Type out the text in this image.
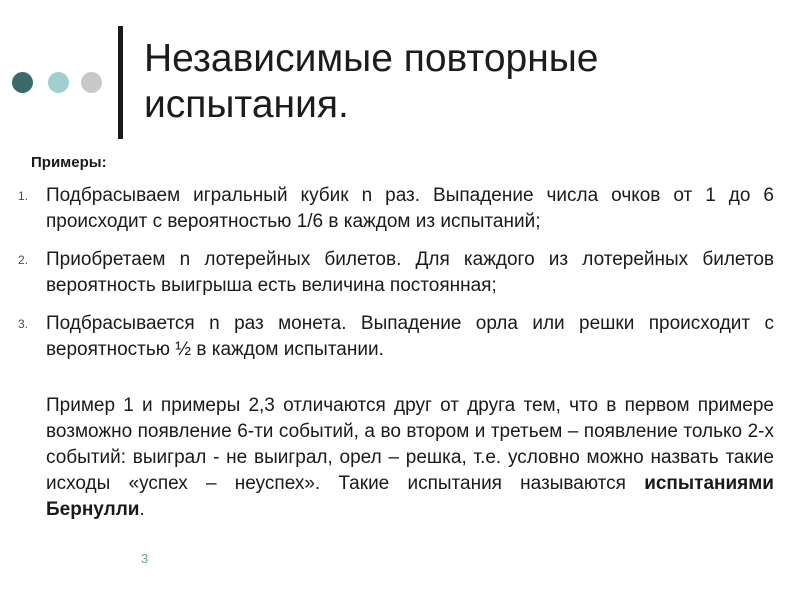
Независимые повторные испытания.
Примеры:
1. Подбрасываем игральный кубик n раз. Выпадение числа очков от 1 до 6 происходит с вероятностью 1/6 в каждом из испытаний;
2. Приобретаем n лотерейных билетов. Для каждого из лотерейных билетов вероятность выигрыша есть величина постоянная;
3. Подбрасывается n раз монета. Выпадение орла или решки происходит с вероятностью ½ в каждом испытании.

Пример 1 и примеры 2,3 отличаются друг от друга тем, что в первом примере возможно появление 6-ти событий, а во втором и третьем – появление только 2-х событий: выиграл - не выиграл, орел – решка, т.е. условно можно назвать такие исходы «успех – неуспех». Такие испытания называются испытаниями Бернулли.

3
